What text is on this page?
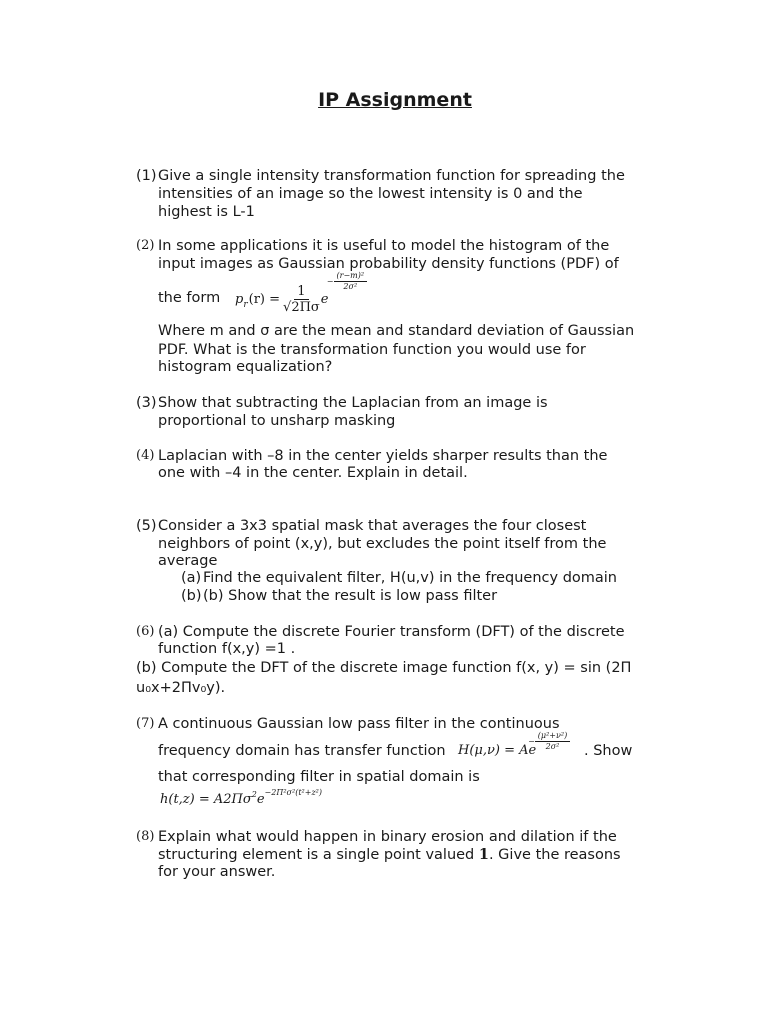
IP Assignment
(1) Give a single intensity transformation function for spreading the
intensities of an image so the lowest intensity is 0 and the
highest is L-1
(2) In some applications it is useful to model the histogram of the
input images as Gaussian probability density functions (PDF) of
the form p r $(r) = \frac{1}{√2\Pi\sigma}$ e
− $\frac{\text{(r−m)²}}{\text{2σ²}}$
Where m and σ are the mean and standard deviation of Gaussian
PDF. What is the transformation function you would use for
histogram equalization?
(3) Show that subtracting the Laplacian from an image is
proportional to unsharp masking
(4) Laplacian with –8 in the center yields sharper results than the
one with –4 in the center. Explain in detail.
(5) Consider a 3x3 spatial mask that averages the four closest
neighbors of point (x,y), but excludes the point itself from the
average
(a) Find the equivalent filter, H(u,v) in the frequency domain
(b) (b) Show that the result is low pass filter
(6) (a) Compute the discrete Fourier transform (DFT) of the discrete
function f(x,y) =1 .
(b) Compute the DFT of the discrete image function f(x, y) = sin (2Π
u₀x+2Πv₀y).
(7) A continuous Gaussian low pass filter in the continuous
frequency domain has transfer function H(μ,ν) = Ae
− $\frac{\text{(μ²+ν²)}}{\text{2σ²}}$ . Show
that corresponding filter in spatial domain is
$h(t,z) = A2\Pi\sigma^2e^{-2\Pi^2\sigma^2(t^2+z^2)}$
(8) Explain what would happen in binary erosion and dilation if the
structuring element is a single point valued 1. Give the reasons
for your answer.
